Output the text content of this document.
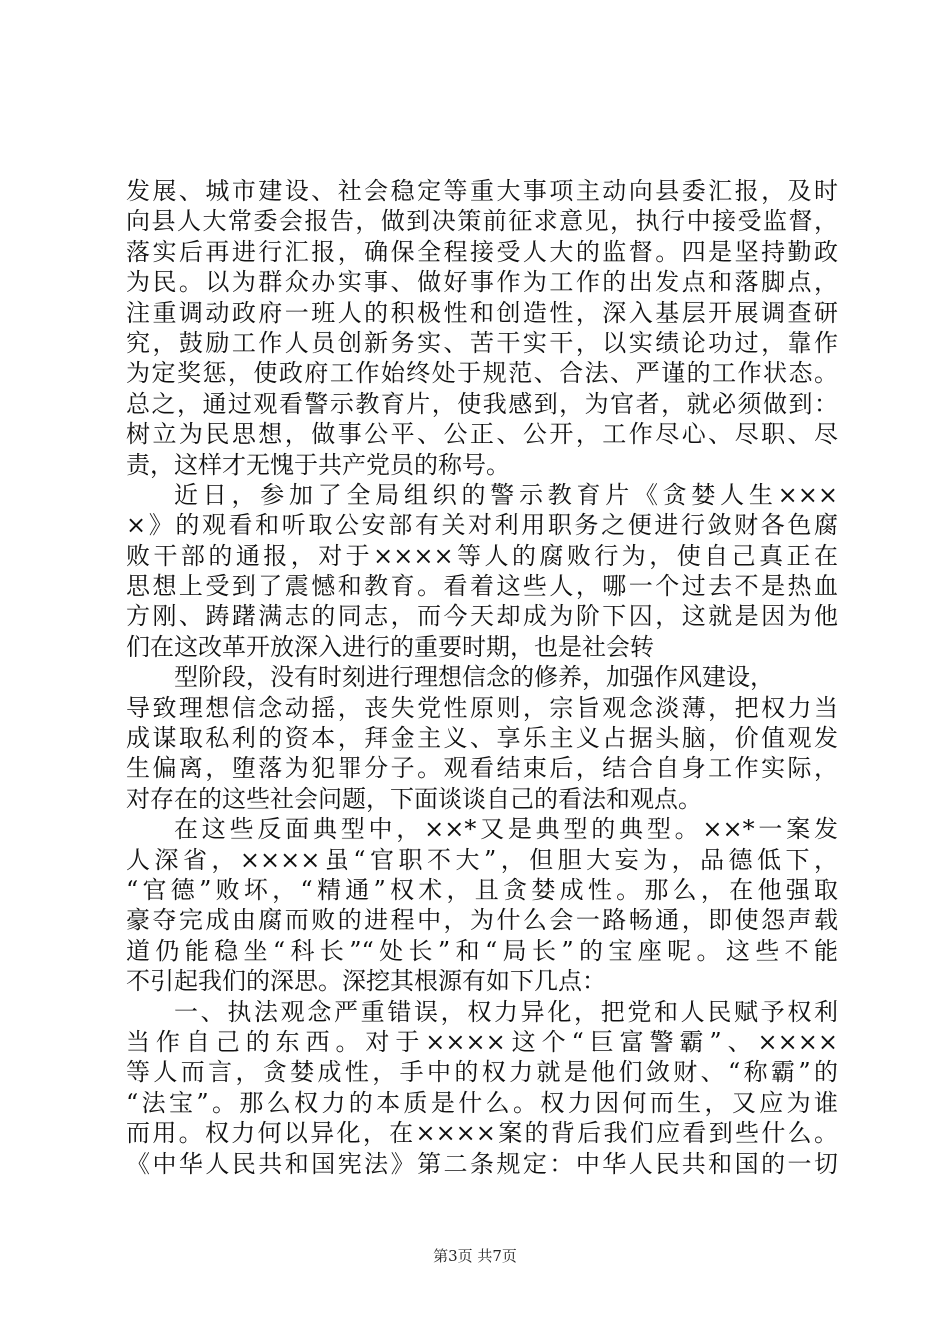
发展、城市建设、社会稳定等重大事项主动向县委汇报，及时
向县人大常委会报告，做到决策前征求意见，执行中接受监督，
落实后再进行汇报，确保全程接受人大的监督。四是坚持勤政
为民。以为群众办实事、做好事作为工作的出发点和落脚点，
注重调动政府一班人的积极性和创造性，深入基层开展调查研
究，鼓励工作人员创新务实、苦干实干，以实绩论功过，靠作
为定奖惩，使政府工作始终处于规范、合法、严谨的工作状态。
总之，通过观看警示教育片，使我感到，为官者，就必须做到：
树立为民思想，做事公平、公正、公开，工作尽心、尽职、尽
责，这样才无愧于共产党员的称号。
近日，参加了全局组织的警示教育片《贪婪人生×××
×》的观看和听取公安部有关对利用职务之便进行敛财各色腐
败干部的通报，对于××××等人的腐败行为，使自己真正在
思想上受到了震憾和教育。看着这些人，哪一个过去不是热血
方刚、踌躇满志的同志，而今天却成为阶下囚，这就是因为他
们在这改革开放深入进行的重要时期，也是社会转
型阶段，没有时刻进行理想信念的修养，加强作风建设，
导致理想信念动摇，丧失党性原则，宗旨观念淡薄，把权力当
成谋取私利的资本，拜金主义、享乐主义占据头脑，价值观发
生偏离，堕落为犯罪分子。观看结束后，结合自身工作实际，
对存在的这些社会问题，下面谈谈自己的看法和观点。
在这些反面典型中，××*又是典型的典型。××*一案发
人深省，××××虽“官职不大”，但胆大妄为，品德低下，
“官德”败坏，“精通”权术，且贪婪成性。那么，在他强取
豪夺完成由腐而败的进程中，为什么会一路畅通，即使怨声载
道仍能稳坐“科长”“处长”和“局长”的宝座呢。这些不能
不引起我们的深思。深挖其根源有如下几点：
一、执法观念严重错误，权力异化，把党和人民赋予权利
当作自己的东西。对于××××这个“巨富警霸”、××××
等人而言，贪婪成性，手中的权力就是他们敛财、“称霸”的
“法宝”。那么权力的本质是什么。权力因何而生，又应为谁
而用。权力何以异化，在××××案的背后我们应看到些什么。
《中华人民共和国宪法》第二条规定：中华人民共和国的一切
第3页 共7页
